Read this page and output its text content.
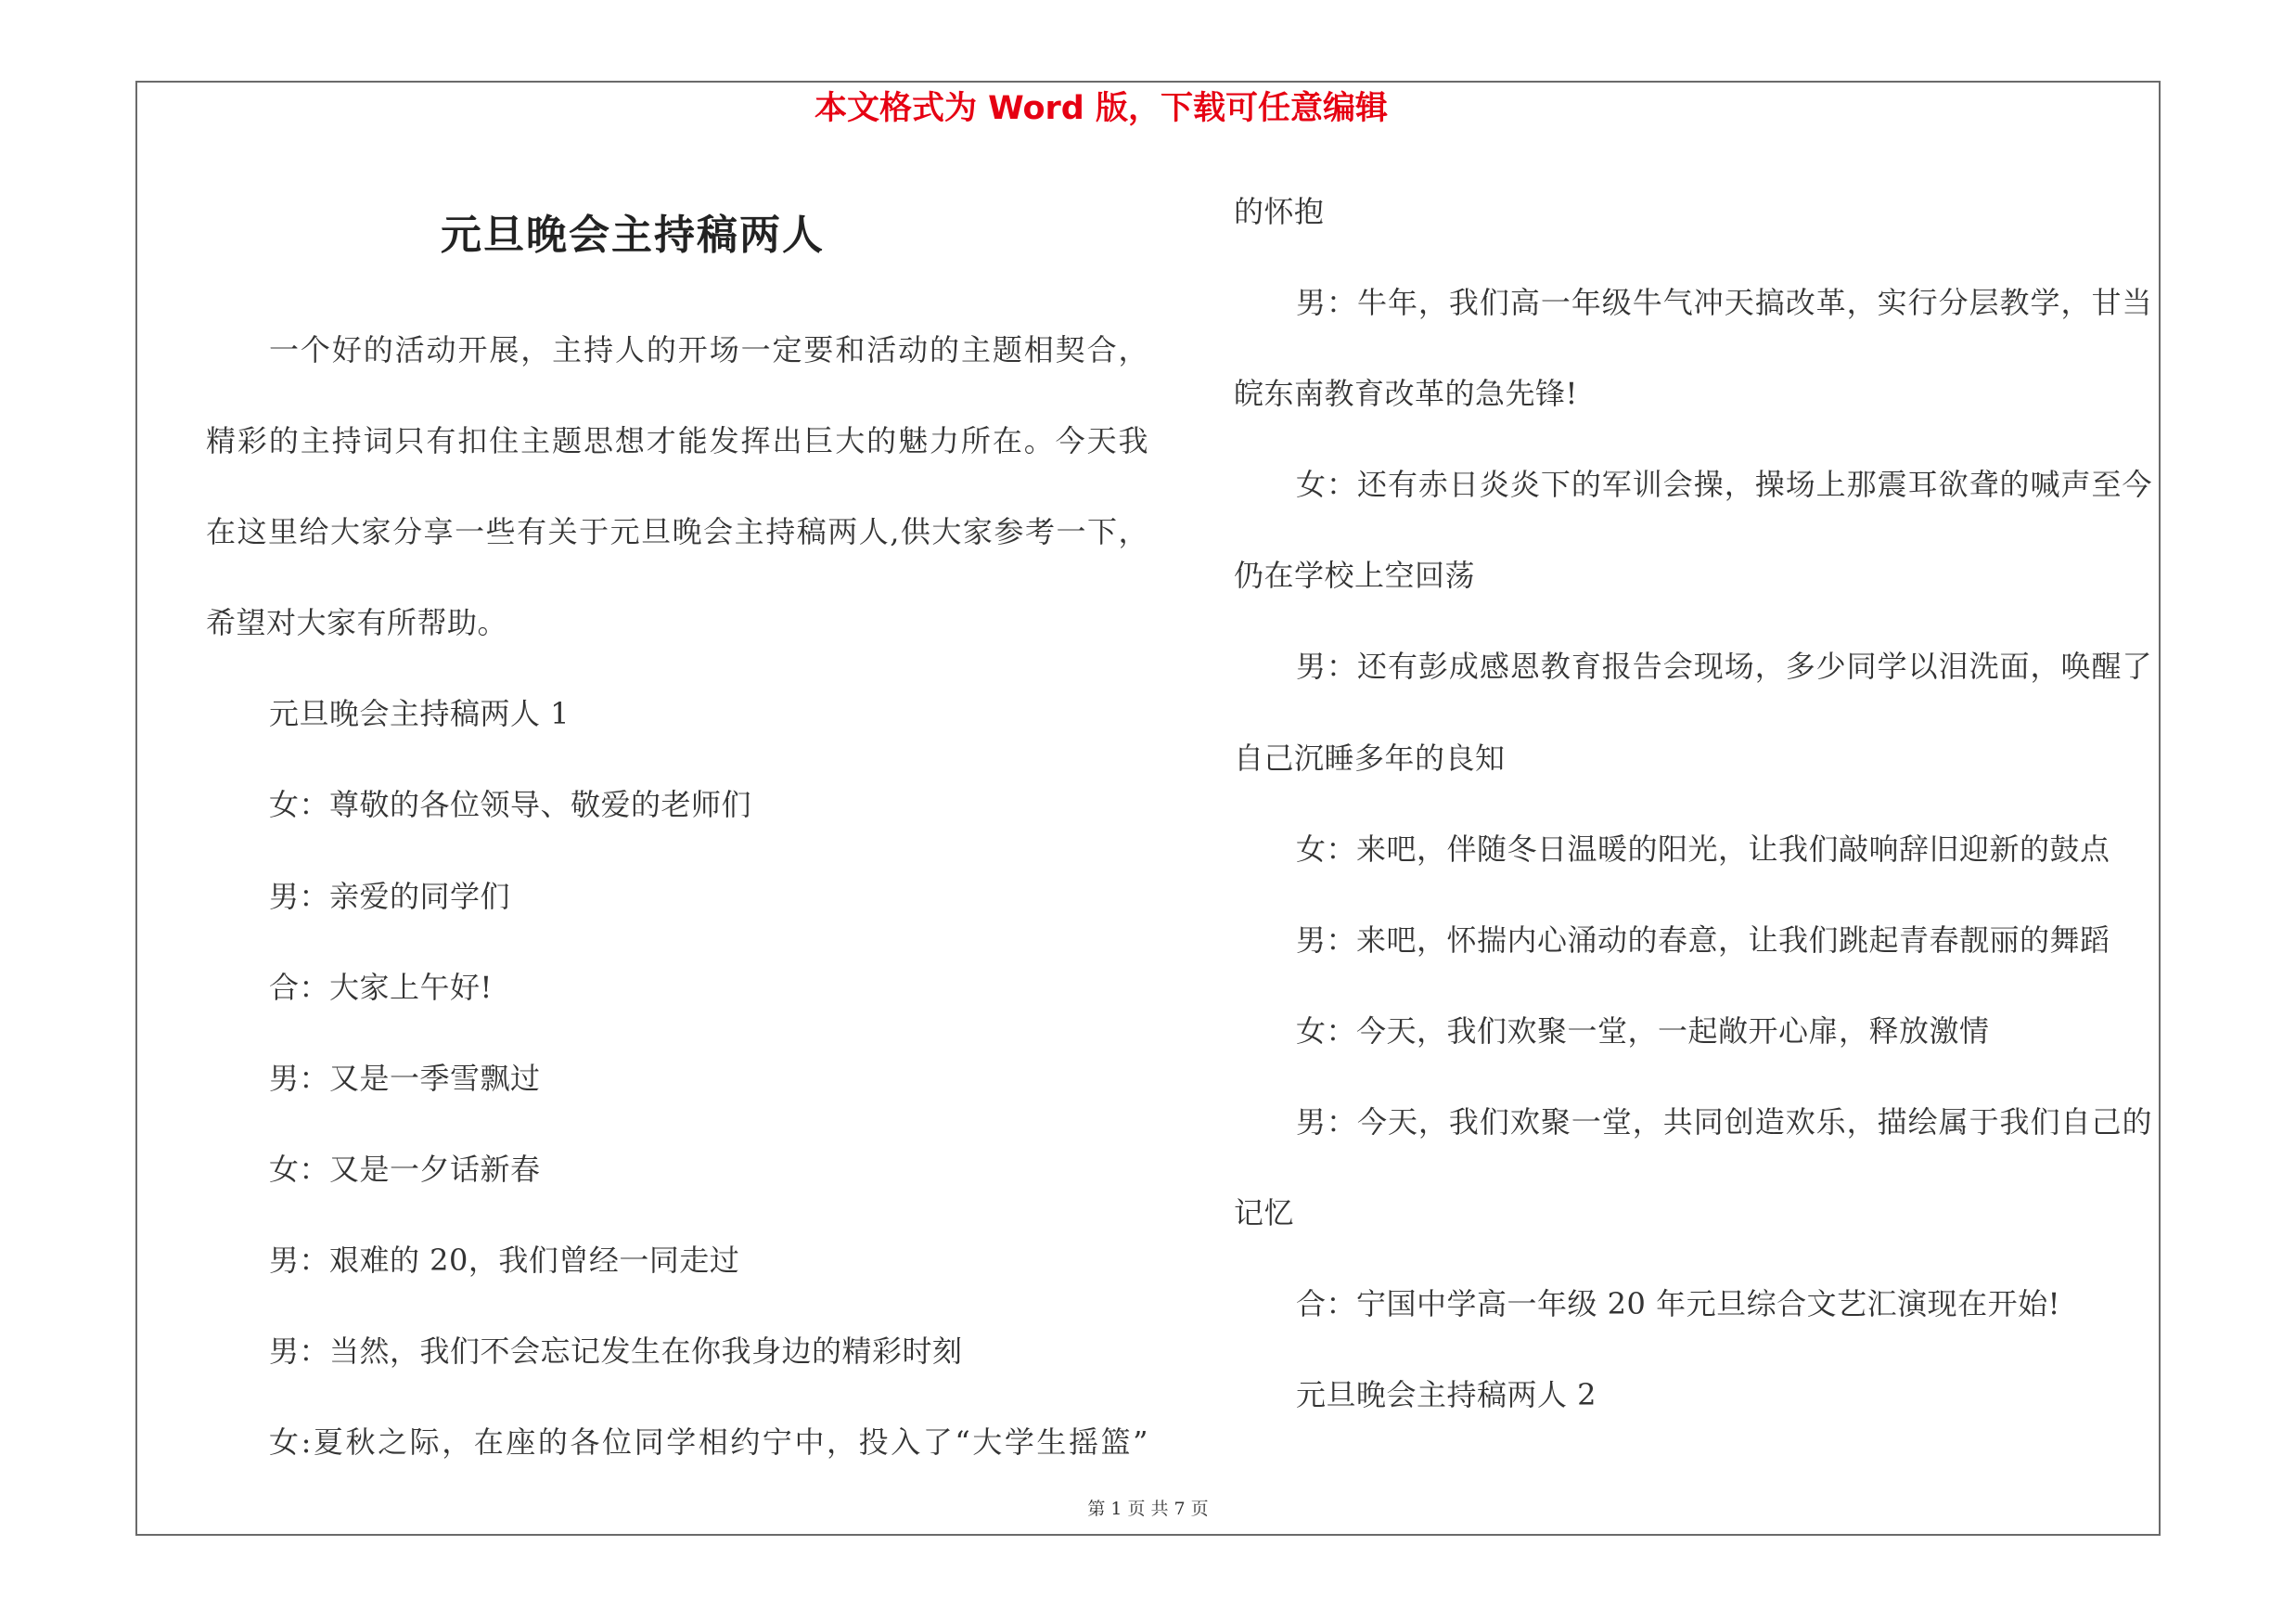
本文格式为 Word 版，下载可任意编辑
元旦晚会主持稿两人
一个好的活动开展，主持人的开场一定要和活动的主题相契合，
精彩的主持词只有扣住主题思想才能发挥出巨大的魅力所在。今天我
在这里给大家分享一些有关于元旦晚会主持稿两人,供大家参考一下，
希望对大家有所帮助。
元旦晚会主持稿两人 1
女：尊敬的各位领导、敬爱的老师们
男：亲爱的同学们
合：大家上午好!
男：又是一季雪飘过
女：又是一夕话新春
男：艰难的 20，我们曾经一同走过
男：当然，我们不会忘记发生在你我身边的精彩时刻
女:夏秋之际，在座的各位同学相约宁中，投入了“大学生摇篮”
的怀抱
男：牛年，我们高一年级牛气冲天搞改革，实行分层教学，甘当
皖东南教育改革的急先锋!
女：还有赤日炎炎下的军训会操，操场上那震耳欲聋的喊声至今
仍在学校上空回荡
男：还有彭成感恩教育报告会现场，多少同学以泪洗面，唤醒了
自己沉睡多年的良知
女：来吧，伴随冬日温暖的阳光，让我们敲响辞旧迎新的鼓点
男：来吧，怀揣内心涌动的春意，让我们跳起青春靓丽的舞蹈
女：今天，我们欢聚一堂，一起敞开心扉，释放激情
男：今天，我们欢聚一堂，共同创造欢乐，描绘属于我们自己的
记忆
合：宁国中学高一年级 20 年元旦综合文艺汇演现在开始!
元旦晚会主持稿两人 2
第 1 页 共 7 页
